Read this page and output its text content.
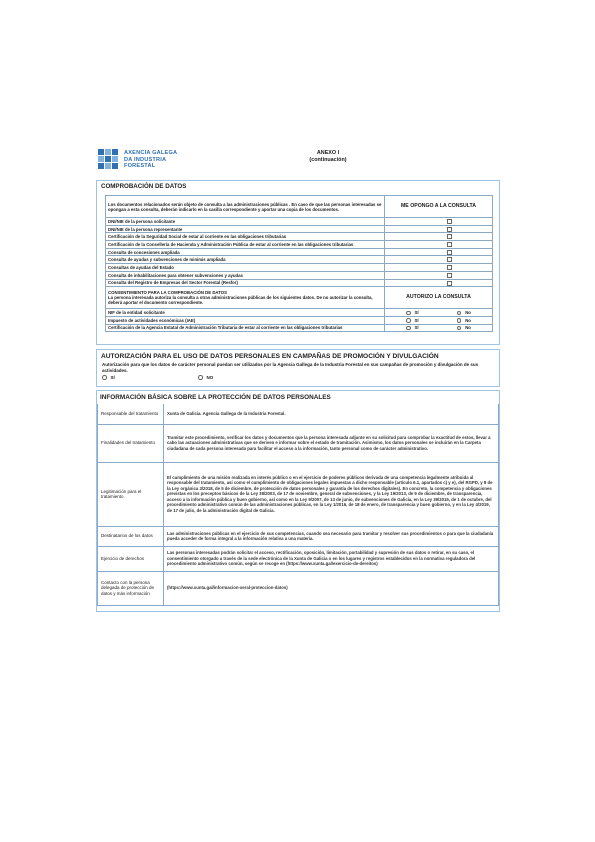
AXENCIA GALEGA
DA INDUSTRIA
FORESTAL
ANEXO I
(continuación)
COMPROBACIÓN DE DATOS
Los documentos relacionados serán objeto de consulta a las administraciones públicas . En caso de que las personas interesadas se opongan a esta consulta, deberán indicarlo en la casilla correspondiente y aportar una copia de los documentos.	ME OPONGO A LA CONSULTA
DNI/NIE de la persona solicitante	
DNI/NIE de la persona representante	
Certificación de la Seguridad Social de estar al corriente en las obligaciones tributarias	
Certificación de la Consellería de Hacienda y Administración Pública de estar al corriente en las obligaciones tributarias	
Consulta de concesiones ampliada	
Consulta de ayudas y subvenciones de minimis ampliada	
Consultas de ayudas del Estado	
Consulta de inhabilitaciones para obtener subvenciones y ayudas	
Consulta del Registro de Empresas del Sector Forestal (Resfor)	

CONSENTIMIENTO PARA LA COMPROBACIÓN DE DATOS
La persona interesada autoriza la consulta a otras administraciones públicas de los siguientes datos. De no autorizar la consulta, deberá aportar el documento correspondiente.	AUTORIZO LA CONSULTA
NIF de la entidad solicitante	SÍ No

Impuesto de actividades económicas (IAE)	SÍ No

Certificación de la Agencia Estatal de Administración Tributaria de estar al corriente en las obligaciones tributarias	SÍ No
AUTORIZACIÓN PARA EL USO DE DATOS PERSONALES EN CAMPAÑAS DE PROMOCIÓN Y DIVULGACIÓN
Autorización para que los datos de carácter personal puedan ser utilizados por la Agencia Gallega de la Industria Forestal en sus campañas de promoción y divulgación de sus actividades.
SÍ	NO
INFORMACIÓN BÁSICA SOBRE LA PROTECCIÓN DE DATOS PERSONALES
Responsable del tratamiento	Xunta de Galicia. Agencia Gallega de la Industria Forestal.
Finalidades del tratamiento	Tramitar este procedimiento, verificar los datos y documentos que la persona interesada adjunte en su solicitud para comprobar la exactitud de estos, llevar a cabo las actuaciones administrativas que se deriven e informar sobre el estado de tramitación. Asimismo, los datos personales se incluirán en la Carpeta ciudadana de cada persona interesada para facilitar el acceso a la información, tanto personal como de carácter administrativo.
Legitimación para el tratamiento	El cumplimiento de una misión realizada en interés público o en el ejercicio de poderes públicos derivada de una competencia legalmente atribuida al responsable del tratamiento, así como el cumplimiento de obligaciones legales impuestas a dicho responsable (artículo 6.1, apartados c) y e), del RGPD, y 8 de la Ley orgánica 3/2018, de 5 de diciembre, de protección de datos personales y garantía de los derechos digitales). En concreto, la competencia y obligaciones previstas en los preceptos básicos de la Ley 38/2003, de 17 de noviembre, general de subvenciones, y la Ley 19/2013, de 9 de diciembre, de transparencia, acceso a la información pública y buen gobierno, así como en la Ley 9/2007, de 13 de junio, de subvenciones de Galicia, en la Ley 39/2015, de 1 de octubre, del procedimiento administrativo común de las administraciones públicas, en la Ley 1/2016, de 18 de enero, de transparencia y buen gobierno, y en la Ley 4/2019, de 17 de julio, de la administración digital de Galicia.
Destinatarios de los datos	Las administraciones públicas en el ejercicio de sus competencias, cuando sea necesario para tramitar y resolver sus procedimientos o para que la ciudadanía pueda acceder de forma integral a la información relativa a una materia.
Ejercicio de derechos	Las personas interesadas podrán solicitar el acceso, rectificación, oposición, limitación, portabilidad y supresión de sus datos o retirar, en su caso, el consentimiento otorgado a través de la sede electrónica de la Xunta de Galicia o en los lugares y registros establecidos en la normativa reguladora del procedimiento administrativo común, según se recoge en (https://www.xunta.gal/exercicio-de-dereitos)
Contacto con la persona delegada de protección de datos y más información	(https://www.xunta.gal/informacion-xeral-proteccion-datos)
